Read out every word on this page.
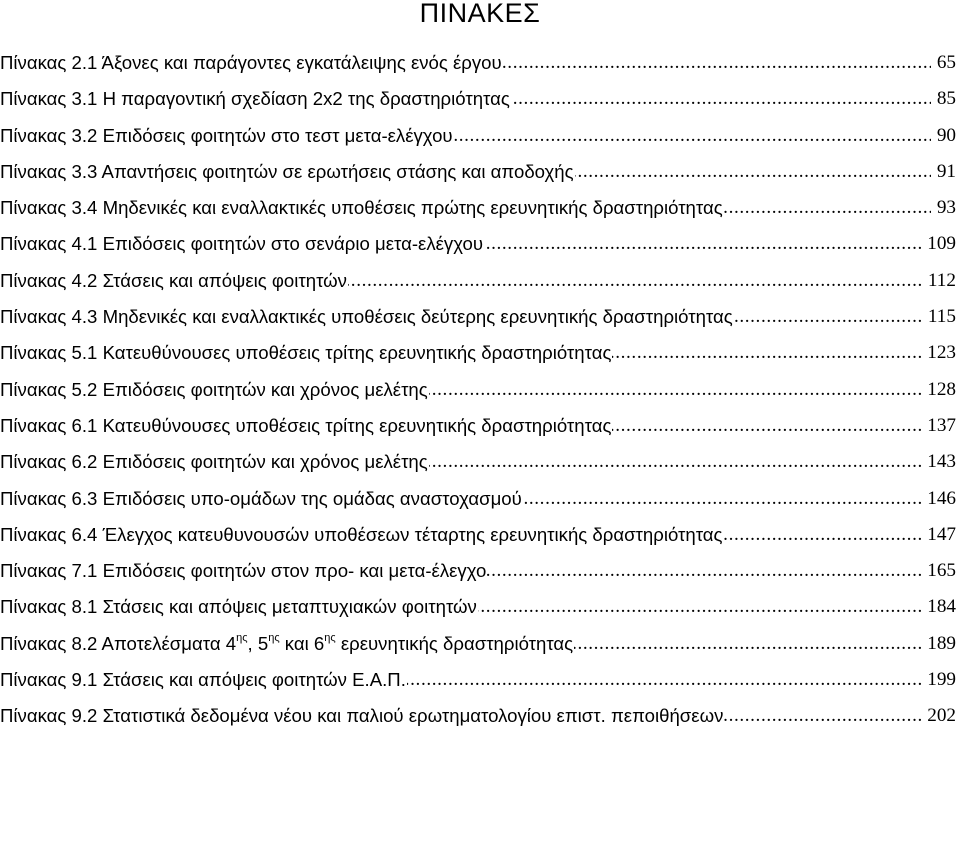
ΠΙΝΑΚΕΣ
..... Πίνακας 2.1 Άξονες και παράγοντες εγκατάλειψης ενός έργου	65
..... Πίνακας 3.1 Η παραγοντική σχεδίαση 2x2 της δραστηριότητας	85
..... Πίνακας 3.2 Επιδόσεις φοιτητών στο τεστ μετα-ελέγχου	90
..... Πίνακας 3.3 Απαντήσεις φοιτητών σε ερωτήσεις στάσης και αποδοχής	91
..... Πίνακας 3.4 Μηδενικές και εναλλακτικές υποθέσεις πρώτης ερευνητικής δραστηριότητας	93
..... Πίνακας 4.1 Επιδόσεις φοιτητών στο σενάριο μετα-ελέγχου	109
..... Πίνακας 4.2 Στάσεις και απόψεις φοιτητών	112
..... Πίνακας 4.3 Μηδενικές και εναλλακτικές υποθέσεις δεύτερης ερευνητικής δραστηριότητας	115
..... Πίνακας 5.1 Κατευθύνουσες υποθέσεις τρίτης ερευνητικής δραστηριότητας	123
..... Πίνακας 5.2 Επιδόσεις φοιτητών και χρόνος μελέτης	128
..... Πίνακας 6.1 Κατευθύνουσες υποθέσεις τρίτης ερευνητικής δραστηριότητας	137
..... Πίνακας 6.2 Επιδόσεις φοιτητών και χρόνος μελέτης	143
..... Πίνακας 6.3 Επιδόσεις υπο-ομάδων της ομάδας αναστοχασμού	146
..... Πίνακας 6.4 Έλεγχος κατευθυνουσών υποθέσεων τέταρτης ερευνητικής δραστηριότητας	147
..... Πίνακας 7.1 Επιδόσεις φοιτητών στον προ- και μετα-έλεγχο	165
..... Πίνακας 8.1 Στάσεις και απόψεις μεταπτυχιακών φοιτητών	184
..... Πίνακας 8.2 Αποτελέσματα $4^{\eta\varsigma}$, $5^{\eta\varsigma}$ και $6^{\eta\varsigma}$ ερευνητικής δραστηριότητας	189
..... Πίνακας 9.1 Στάσεις και απόψεις φοιτητών Ε.Α.Π.	199
..... Πίνακας 9.2 Στατιστικά δεδομένα νέου και παλιού ερωτηματολογίου επιστ. πεποιθήσεων	202
